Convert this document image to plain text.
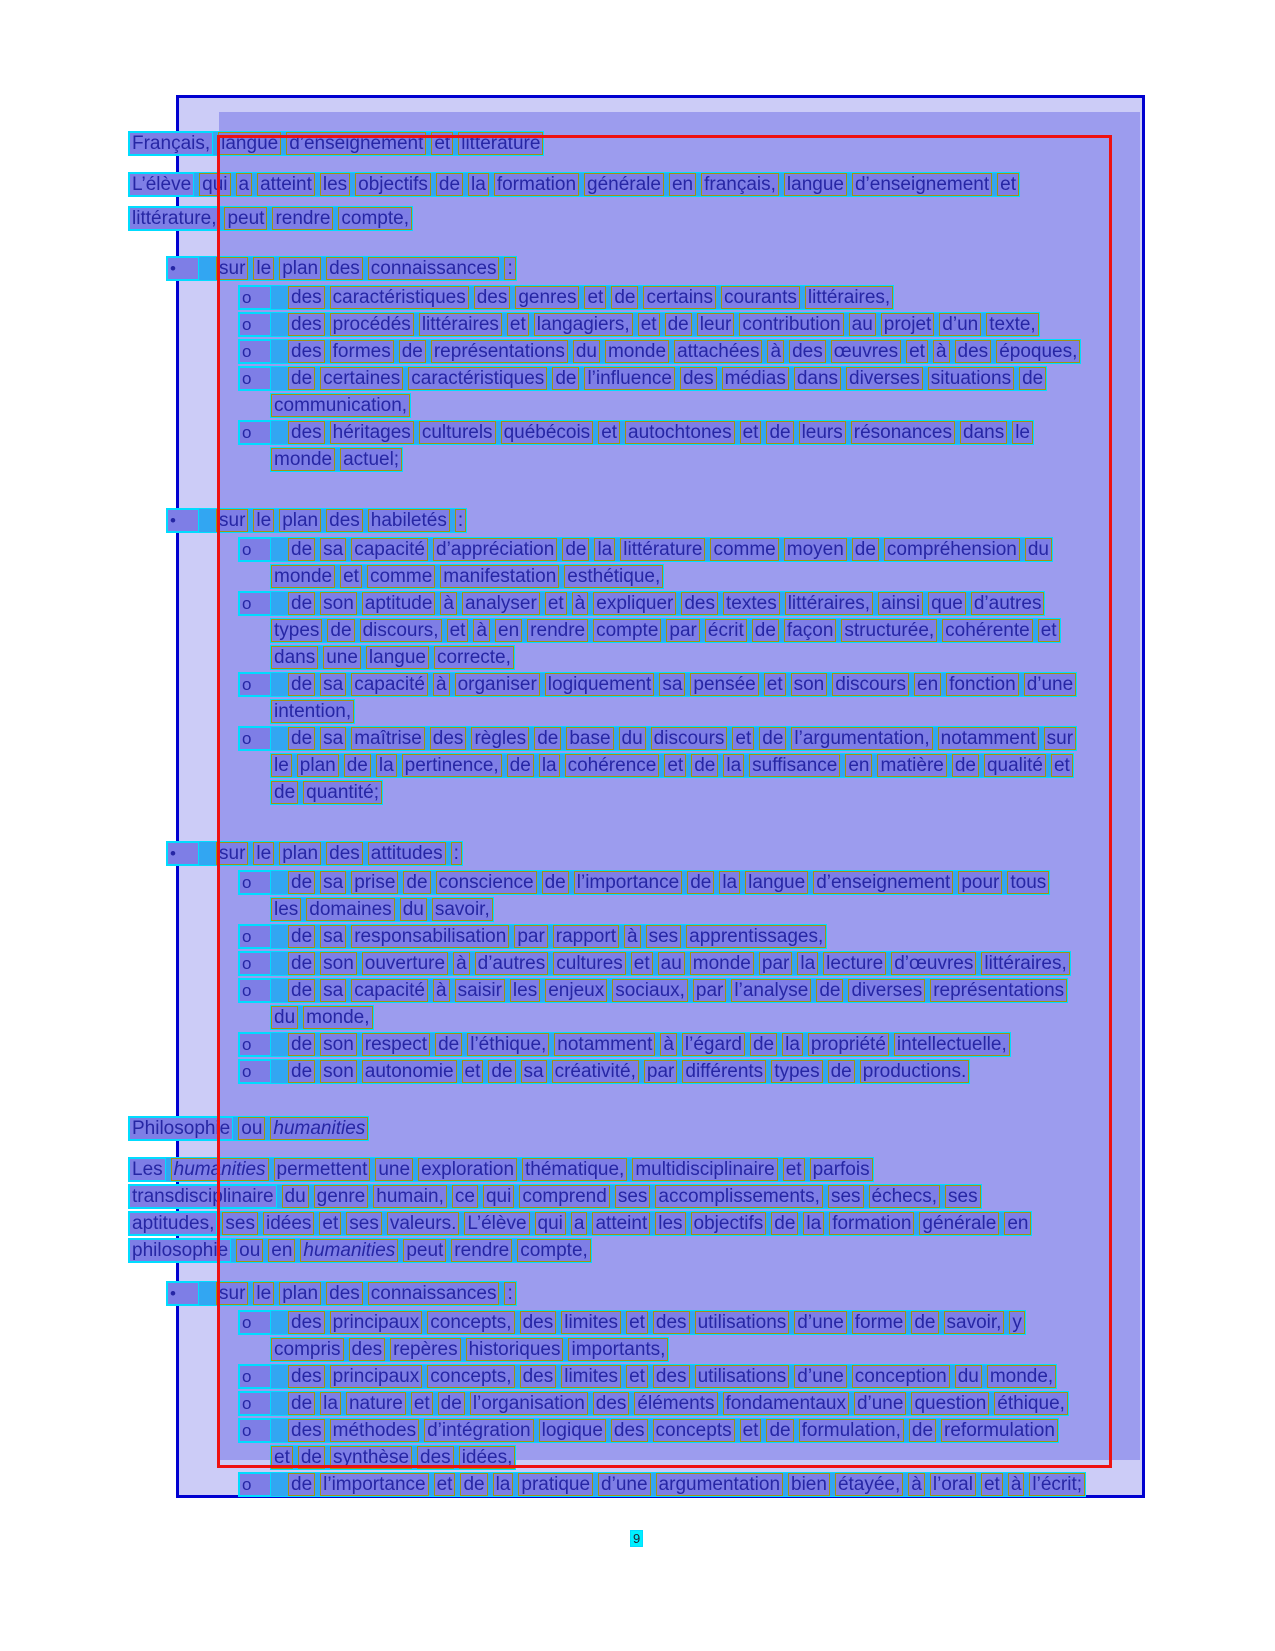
Français, langue d’enseignement et littérature
L’élève qui a atteint les objectifs de la formation générale en français, langue d’enseignement et
littérature, peut rendre compte,
•	sur le plan des connaissances :
o	des caractéristiques des genres et de certains courants littéraires,
o	des procédés littéraires et langagiers, et de leur contribution au projet d’un texte,
o	des formes de représentations du monde attachées à des œuvres et à des époques,
o	de certaines caractéristiques de l’influence des médias dans diverses situations de
communication,
o	des héritages culturels québécois et autochtones et de leurs résonances dans le
monde actuel;
•	sur le plan des habiletés :
o	de sa capacité d’appréciation de la littérature comme moyen de compréhension du
monde et comme manifestation esthétique,
o	de son aptitude à analyser et à expliquer des textes littéraires, ainsi que d’autres
types de discours, et à en rendre compte par écrit de façon structurée, cohérente et
dans une langue correcte,
o	de sa capacité à organiser logiquement sa pensée et son discours en fonction d’une
intention,
o	de sa maîtrise des règles de base du discours et de l’argumentation, notamment sur
le plan de la pertinence, de la cohérence et de la suffisance en matière de qualité et
de quantité;
•	sur le plan des attitudes :
o	de sa prise de conscience de l’importance de la langue d’enseignement pour tous
les domaines du savoir,
o	de sa responsabilisation par rapport à ses apprentissages,
o	de son ouverture à d’autres cultures et au monde par la lecture d’œuvres littéraires,
o	de sa capacité à saisir les enjeux sociaux, par l’analyse de diverses représentations
du monde,
o	de son respect de l’éthique, notamment à l’égard de la propriété intellectuelle,
o	de son autonomie et de sa créativité, par différents types de productions.
Philosophie ou humanities
Les humanities permettent une exploration thématique, multidisciplinaire et parfois
transdisciplinaire du genre humain, ce qui comprend ses accomplissements, ses échecs, ses
aptitudes, ses idées et ses valeurs. L’élève qui a atteint les objectifs de la formation générale en
philosophie ou en humanities peut rendre compte,
•	sur le plan des connaissances :
o	des principaux concepts, des limites et des utilisations d’une forme de savoir, y
compris des repères historiques importants,
o	des principaux concepts, des limites et des utilisations d’une conception du monde,
o	de la nature et de l’organisation des éléments fondamentaux d’une question éthique,
o	des méthodes d’intégration logique des concepts et de formulation, de reformulation
et de synthèse des idées,
o	de l’importance et de la pratique d’une argumentation bien étayée, à l’oral et à l’écrit;
9
